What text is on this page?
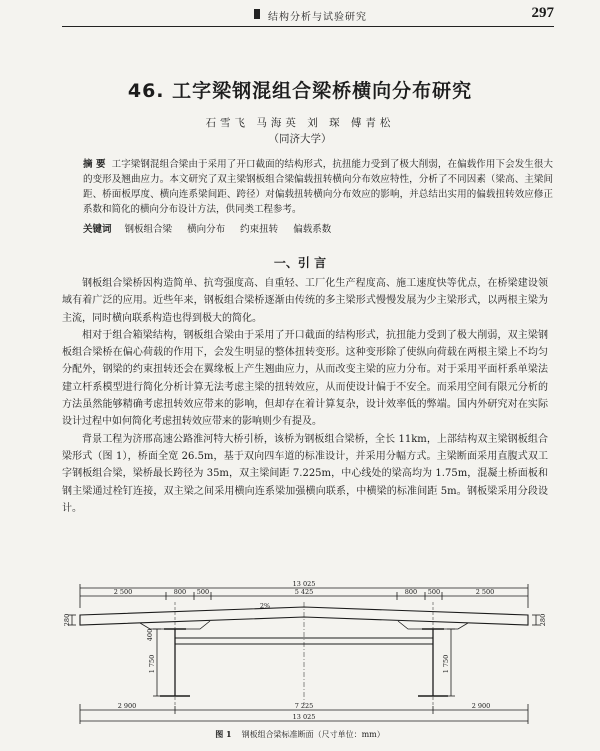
结构分析与试验研究	297
46. 工字梁钢混组合梁桥横向分布研究
石雪飞 马海英 刘 琛 傅青松
（同济大学）
摘 要 工字梁钢混组合梁由于采用了开口截面的结构形式，抗扭能力受到了极大削弱，在偏载作用下会发生很大的变形及翘曲应力。本文研究了双主梁钢板组合梁偏载扭转横向分布效应特性，分析了不同因素（梁高、主梁间距、桥面板厚度、横向连系梁间距、跨径）对偏载扭转横向分布效应的影响，并总结出实用的偏载扭转效应修正系数和简化的横向分布设计方法，供同类工程参考。
关键词 钢板组合梁 横向分布 约束扭转 偏载系数
一、引 言

钢板组合梁桥因构造简单、抗弯强度高、自重轻、工厂化生产程度高、施工速度快等优点，在桥梁建设领域有着广泛的应用。近些年来，钢板组合梁桥逐渐由传统的多主梁形式慢慢发展为少主梁形式，以两根主梁为主流，同时横向联系构造也得到极大的简化。

相对于组合箱梁结构，钢板组合梁由于采用了开口截面的结构形式，抗扭能力受到了极大削弱，双主梁钢板组合梁桥在偏心荷载的作用下，会发生明显的整体扭转变形。这种变形除了使纵向荷载在两根主梁上不均匀分配外，钢梁的约束扭转还会在翼缘板上产生翘曲应力，从而改变主梁的应力分布。对于采用平面杆系单梁法建立杆系模型进行简化分析计算无法考虑主梁的扭转效应，从而使设计偏于不安全。而采用空间有限元分析的方法虽然能够精确考虑扭转效应带来的影响，但却存在着计算复杂，设计效率低的弊端。国内外研究对在实际设计过程中如何简化考虑扭转效应带来的影响则少有提及。

背景工程为济邢高速公路淮河特大桥引桥，该桥为钢板组合梁桥，全长 11km，上部结构双主梁钢板组合梁形式（图 1），桥面全宽 26.5m，基于双向四车道的标准设计，并采用分幅方式。主梁断面采用直腹式双工字钢板组合梁，梁桥最长跨径为 35m，双主梁间距 7.225m，中心线处的梁高均为 1.75m，混凝土桥面板和钢主梁通过栓钉连接，双主梁之间采用横向连系梁加强横向联系，中横梁的标准间距 5m。钢板梁采用分段设计。

13 025
2 500	800 500	5 425	800 500	2 500
2%
280
400
1 750	1 750
280
2 900	7 225	2 900
13 025
图 1 钢板组合梁标准断面（尺寸单位：mm）
